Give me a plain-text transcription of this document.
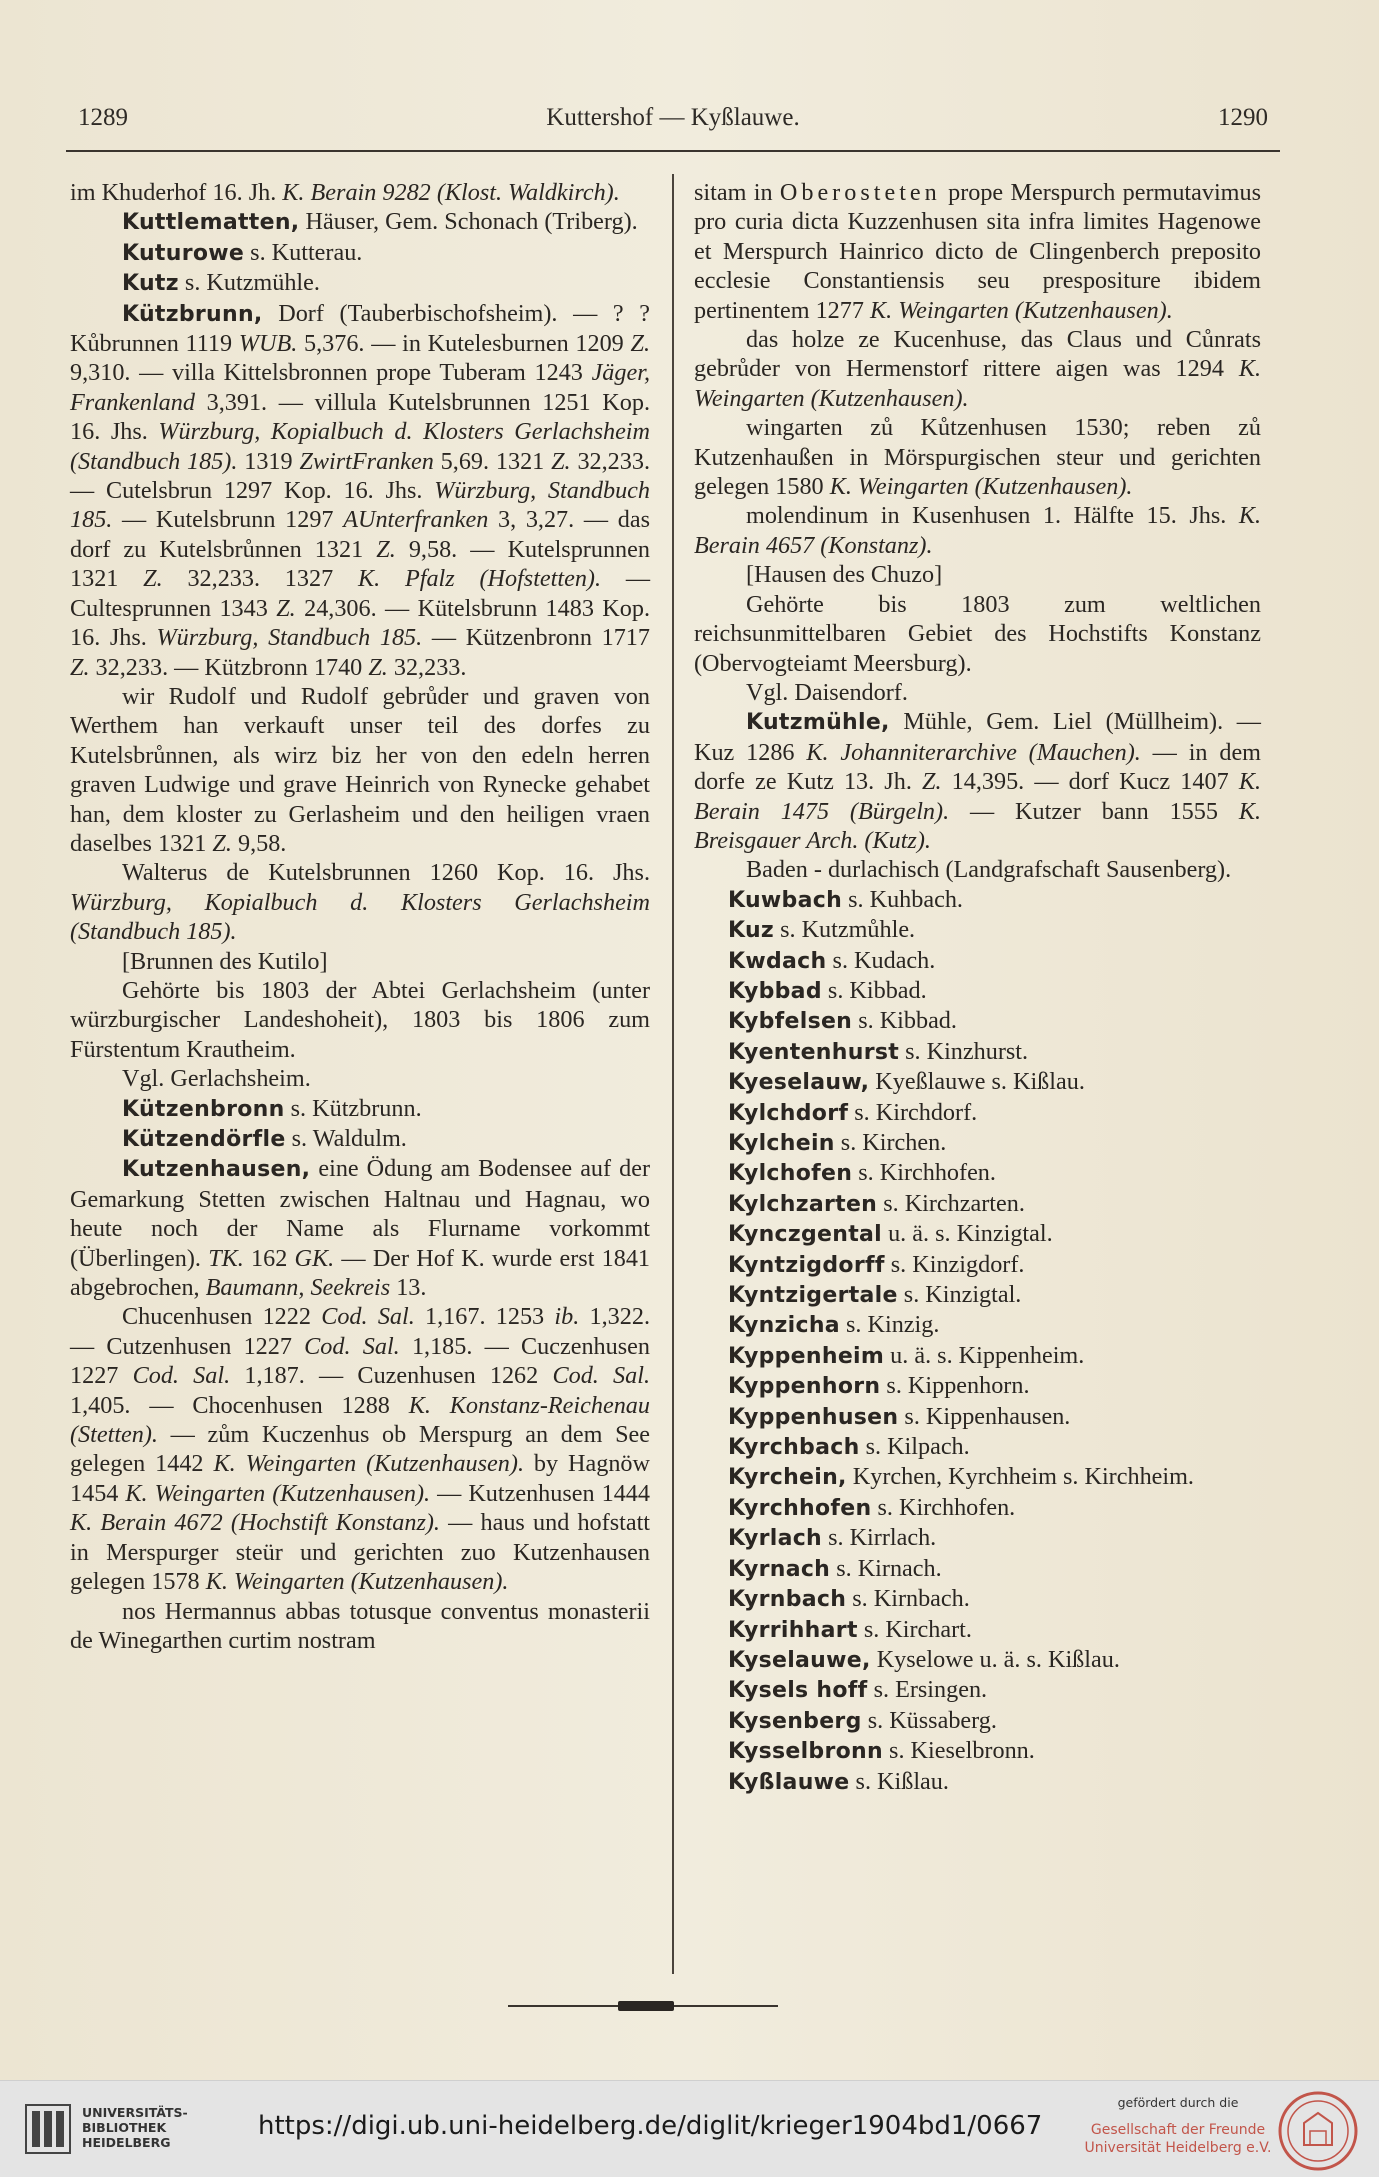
1289	Kuttershof — Kyßlauwe.	1290

im Khuderhof 16. Jh. K. Berain 9282 (Klost. Waldkirch).

Kuttlematten, Häuser, Gem. Schonach (Triberg).

Kuturowe s. Kutterau.

Kutz s. Kutzmühle.

Kützbrunn, Dorf (Tauberbischofsheim). — ? ? Kůbrunnen 1119 WUB. 5,376. — in Kutelesburnen 1209 Z. 9,310. — villa Kittelsbronnen prope Tuberam 1243 Jäger, Frankenland 3,391. — villula Kutelsbrunnen 1251 Kop. 16. Jhs. Würzburg, Kopialbuch d. Klosters Gerlachsheim (Standbuch 185). 1319 ZwirtFranken 5,69. 1321 Z. 32,233. — Cutelsbrun 1297 Kop. 16. Jhs. Würzburg, Standbuch 185. — Kutelsbrunn 1297 AUnterfranken 3, 3,27. — das dorf zu Kutelsbrůnnen 1321 Z. 9,58. — Kutelsprunnen 1321 Z. 32,233. 1327 K. Pfalz (Hofstetten). — Cultesprunnen 1343 Z. 24,306. — Kütelsbrunn 1483 Kop. 16. Jhs. Würzburg, Standbuch 185. — Kützenbronn 1717 Z. 32,233. — Kützbronn 1740 Z. 32,233.

wir Rudolf und Rudolf gebrůder und graven von Werthem han verkauft unser teil des dorfes zu Kutelsbrůnnen, als wirz biz her von den edeln herren graven Ludwige und grave Heinrich von Rynecke gehabet han, dem kloster zu Gerlasheim und den heiligen vraen daselbes 1321 Z. 9,58.

Walterus de Kutelsbrunnen 1260 Kop. 16. Jhs. Würzburg, Kopialbuch d. Klosters Gerlachsheim (Standbuch 185).

[Brunnen des Kutilo]

Gehörte bis 1803 der Abtei Gerlachsheim (unter würzburgischer Landeshoheit), 1803 bis 1806 zum Fürstentum Krautheim.

Vgl. Gerlachsheim.

Kützenbronn s. Kützbrunn.

Kützendörfle s. Waldulm.

Kutzenhausen, eine Ödung am Bodensee auf der Gemarkung Stetten zwischen Haltnau und Hagnau, wo heute noch der Name als Flurname vorkommt (Überlingen). TK. 162 GK. — Der Hof K. wurde erst 1841 abgebrochen, Baumann, Seekreis 13.

Chucenhusen 1222 Cod. Sal. 1,167. 1253 ib. 1,322. — Cutzenhusen 1227 Cod. Sal. 1,185. — Cuczenhusen 1227 Cod. Sal. 1,187. — Cuzenhusen 1262 Cod. Sal. 1,405. — Chocenhusen 1288 K. Konstanz-Reichenau (Stetten). — zům Kuczenhus ob Merspurg an dem See gelegen 1442 K. Weingarten (Kutzenhausen). by Hagnöw 1454 K. Weingarten (Kutzenhausen). — Kutzenhusen 1444 K. Berain 4672 (Hochstift Konstanz). — haus und hofstatt in Merspurger steür und gerichten zuo Kutzenhausen gelegen 1578 K. Weingarten (Kutzenhausen).

nos Hermannus abbas totusque conventus monasterii de Winegarthen curtim nostram

sitam in Oberosteten prope Merspurch permutavimus pro curia dicta Kuzzenhusen sita infra limites Hagenowe et Merspurch Hainrico dicto de Clingenberch preposito ecclesie Constantiensis seu prespositure ibidem pertinentem 1277 K. Weingarten (Kutzenhausen).

das holze ze Kucenhuse, das Claus und Cůnrats gebrůder von Hermenstorf rittere aigen was 1294 K. Weingarten (Kutzenhausen).

wingarten zů Kůtzenhusen 1530; reben zů Kutzenhaußen in Mörspurgischen steur und gerichten gelegen 1580 K. Weingarten (Kutzenhausen).

molendinum in Kusenhusen 1. Hälfte 15. Jhs. K. Berain 4657 (Konstanz).

[Hausen des Chuzo]

Gehörte bis 1803 zum weltlichen reichsunmittelbaren Gebiet des Hochstifts Konstanz (Obervogteiamt Meersburg).

Vgl. Daisendorf.

Kutzmühle, Mühle, Gem. Liel (Müllheim). — Kuz 1286 K. Johanniterarchive (Mauchen). — in dem dorfe ze Kutz 13. Jh. Z. 14,395. — dorf Kucz 1407 K. Berain 1475 (Bürgeln). — Kutzer bann 1555 K. Breisgauer Arch. (Kutz).

Baden - durlachisch (Landgrafschaft Sausenberg).

Kuwbach s. Kuhbach.

Kuz s. Kutzmůhle.

Kwdach s. Kudach.

Kybbad s. Kibbad.

Kybfelsen s. Kibbad.

Kyentenhurst s. Kinzhurst.

Kyeselauw, Kyeßlauwe s. Kißlau.

Kylchdorf s. Kirchdorf.

Kylchein s. Kirchen.

Kylchofen s. Kirchhofen.

Kylchzarten s. Kirchzarten.

Kynczgental u. ä. s. Kinzigtal.

Kyntzigdorff s. Kinzigdorf.

Kyntzigertale s. Kinzigtal.

Kynzicha s. Kinzig.

Kyppenheim u. ä. s. Kippenheim.

Kyppenhorn s. Kippenhorn.

Kyppenhusen s. Kippenhausen.

Kyrchbach s. Kilpach.

Kyrchein, Kyrchen, Kyrchheim s. Kirchheim.

Kyrchhofen s. Kirchhofen.

Kyrlach s. Kirrlach.

Kyrnach s. Kirnach.

Kyrnbach s. Kirnbach.

Kyrrihhart s. Kirchart.

Kyselauwe, Kyselowe u. ä. s. Kißlau.

Kysels hoff s. Ersingen.

Kysenberg s. Küssaberg.

Kysselbronn s. Kieselbronn.

Kyßlauwe s. Kißlau.

UNIVERSITÄTS-
BIBLIOTHEK
HEIDELBERG
https://digi.ub.uni-heidelberg.de/diglit/krieger1904bd1/0667
gefördert durch die
Gesellschaft der Freunde
Universität Heidelberg e.V.
